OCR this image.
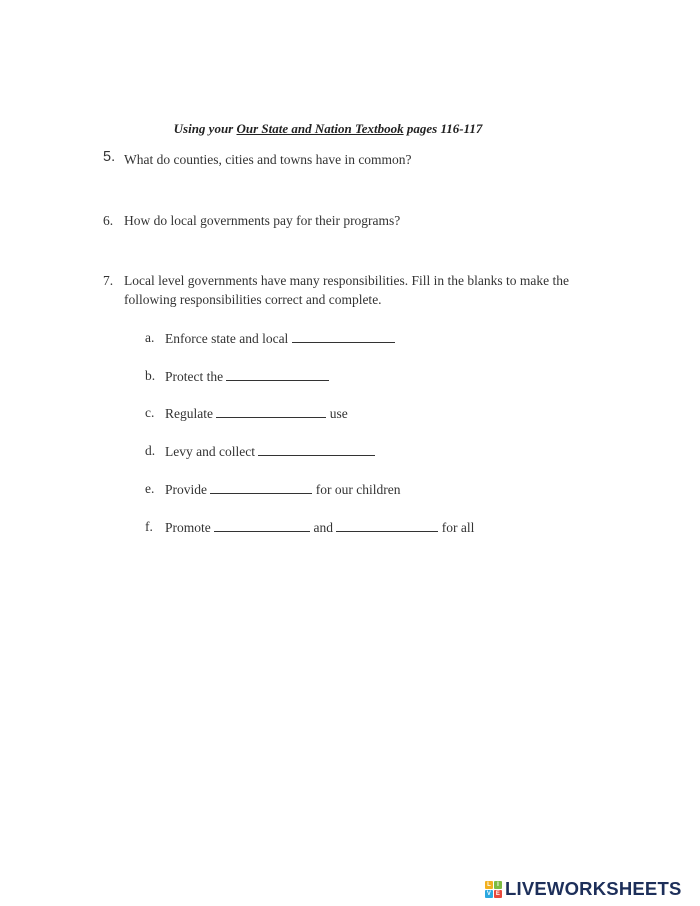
Using your Our State and Nation Textbook pages 116-117
5. What do counties, cities and towns have in common?
6. How do local governments pay for their programs?
7. Local level governments have many responsibilities. Fill in the blanks to make the following responsibilities correct and complete.
a. Enforce state and local
b. Protect the
c. Regulate	use
d. Levy and collect
e. Provide	for our children
f. Promote	and	for all
L	I
V E LIVEWORKSHEETS
